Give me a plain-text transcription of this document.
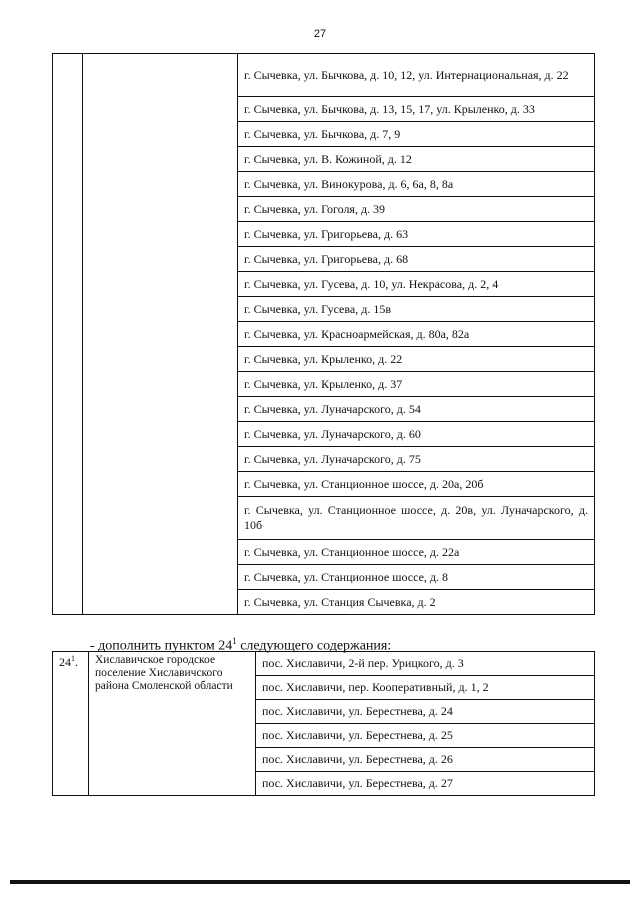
27
		г. Сычевка, ул. Бычкова, д. 10, 12, ул. Интернациональная, д. 22
г. Сычевка, ул. Бычкова, д. 13, 15, 17, ул. Крыленко, д. 33
г. Сычевка, ул. Бычкова, д. 7, 9
г. Сычевка, ул. В. Кожиной, д. 12
г. Сычевка, ул. Винокурова, д. 6, 6а, 8, 8а
г. Сычевка, ул. Гоголя, д. 39
г. Сычевка, ул. Григорьева, д. 63
г. Сычевка, ул. Григорьева, д. 68
г. Сычевка, ул. Гусева, д. 10, ул. Некрасова, д. 2, 4
г. Сычевка, ул. Гусева, д. 15в
г. Сычевка, ул. Красноармейская, д. 80а, 82а
г. Сычевка, ул. Крыленко, д. 22
г. Сычевка, ул. Крыленко, д. 37
г. Сычевка, ул. Луначарского, д. 54
г. Сычевка, ул. Луначарского, д. 60
г. Сычевка, ул. Луначарского, д. 75
г. Сычевка, ул. Станционное шоссе, д. 20а, 20б
г. Сычевка, ул. Станционное шоссе, д. 20в, ул. Луначарского, д. 10б
г. Сычевка, ул. Станционное шоссе, д. 22а
г. Сычевка, ул. Станционное шоссе, д. 8
г. Сычевка, ул. Станция Сычевка, д. 2
- дополнить пунктом $24^1$ следующего содержания:
$24^1$.	Хиславичское городское поселение Хиславичского района Смоленской области	пос. Хиславичи, 2-й пер. Урицкого, д. 3
пос. Хиславичи, пер. Кооперативный, д. 1, 2
пос. Хиславичи, ул. Берестнева, д. 24
пос. Хиславичи, ул. Берестнева, д. 25
пос. Хиславичи, ул. Берестнева, д. 26
пос. Хиславичи, ул. Берестнева, д. 27
